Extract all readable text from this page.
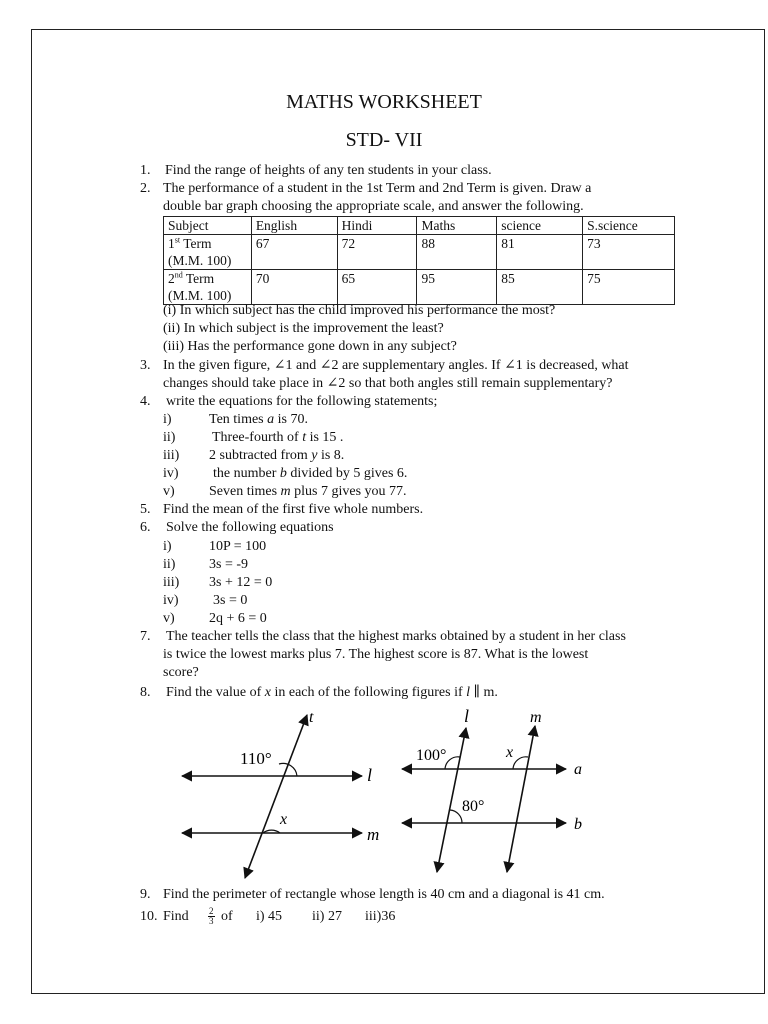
MATHS WORKSHEET
STD- VII
1. Find the range of heights of any ten students in your class.
2. The performance of a student in the 1st Term and 2nd Term is given. Draw a
double bar graph choosing the appropriate scale, and answer the following.
Subject	English	Hindi	Maths	science	S.science
1st Term
(M.M. 100)	67	72	88	81	73
2nd Term
(M.M. 100)	70	65	95	85	75
(i) In which subject has the child improved his performance the most?
(ii) In which subject is the improvement the least?
(iii) Has the performance gone down in any subject?
3. In the given figure, ∠1 and ∠2 are supplementary angles. If ∠1 is decreased, what
changes should take place in ∠2 so that both angles still remain supplementary?
4. write the equations for the following statements;
i)	Ten times a is 70.
ii)	Three-fourth of t is 15 .
iii) 2 subtracted from y is 8.
iv) the number b divided by 5 gives 6.
v) Seven times m plus 7 gives you 77.
5. Find the mean of the first five whole numbers.
6. Solve the following equations
i)	10P = 100
ii) 3s = -9
iii) 3s + 12 = 0
iv) 3s = 0
v) 2q + 6 = 0
7. The teacher tells the class that the highest marks obtained by a student in her class
is twice the lowest marks plus 7. The highest score is 87. What is the lowest
score?
8. Find the value of x in each of the following figures if l ∥ m.
110°
x
t
l
m
100°
80°
x
l	m
a
b
9. Find the perimeter of rectangle whose length is 40 cm and a diagonal is 41 cm.
10. Find $\frac{2}{3}$ of i) 45 ii) 27 iii)36
